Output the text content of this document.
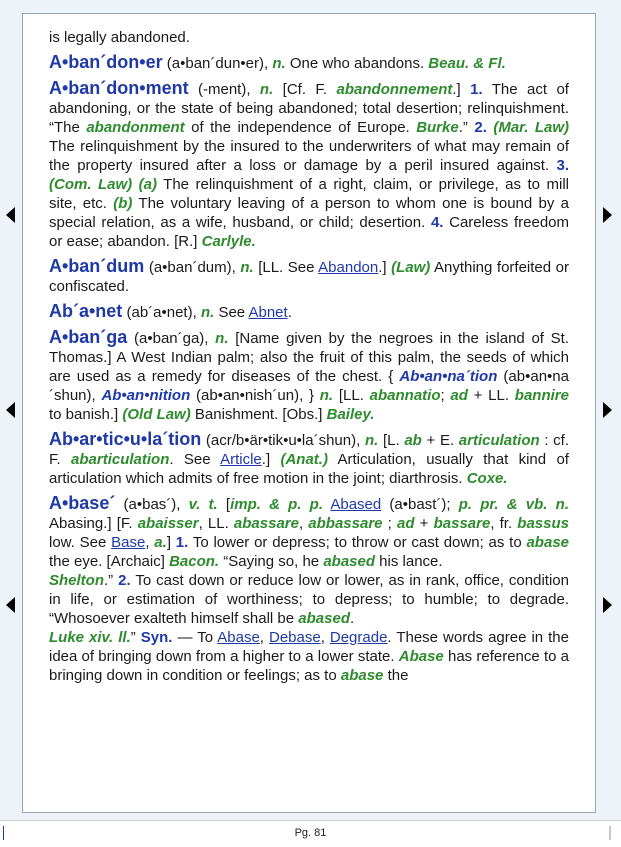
is legally abandoned.
A•ban´don•er (a•ban´dun•er), n. One who abandons. Beau. & Fl.
A•ban´don•ment (-ment), n. [Cf. F. abandonnement.] 1. The act of abandoning, or the state of being abandoned; total desertion; relinquishment. “The abandonment of the independence of Europe. Burke.” 2. (Mar. Law) The relinquishment by the insured to the underwriters of what may remain of the property insured after a loss or damage by a peril insured against. 3. (Com. Law) (a) The relinquishment of a right, claim, or privilege, as to mill site, etc. (b) The voluntary leaving of a person to whom one is bound by a special relation, as a wife, husband, or child; desertion. 4. Careless freedom or ease; abandon. [R.] Carlyle.
A•ban´dum (a•ban´dum), n. [LL. See Abandon.] (Law) Anything forfeited or confiscated.
Ab´a•net (ab´a•net), n. See Abnet.
A•ban´ga (a•ban´ga), n. [Name given by the negroes in the island of St. Thomas.] A West Indian palm; also the fruit of this palm, the seeds of which are used as a remedy for diseases of the chest. { Ab•an•na´tion (ab•an•na´shun), Ab•an•nition (ab•an•nish´un), } n. [LL. abannatio; ad + LL. bannire to banish.] (Old Law) Banishment. [Obs.] Bailey.
Ab•ar•tic•u•la´tion (acr/b•är•tik•u•la´shun), n. [L. ab + E. articulation : cf. F. abarticulation. See Article.] (Anat.) Articulation, usually that kind of articulation which admits of free motion in the joint; diarthrosis. Coxe.
A•base´ (a•bas´), v. t. [imp. & p. p. Abased (a•bast´); p. pr. & vb. n. Abasing.] [F. abaisser, LL. abassare, abbassare ; ad + bassare, fr. bassus low. See Base, a.] 1. To lower or depress; to throw or cast down; as to abase the eye. [Archaic] Bacon. “Saying so, he abased his lance.
Shelton.” 2. To cast down or reduce low or lower, as in rank, office, condition in life, or estimation of worthiness; to depress; to humble; to degrade. “Whosoever exalteth himself shall be abased.
Luke xiv. ll.” Syn. — To Abase, Debase, Degrade. These words agree in the idea of bringing down from a higher to a lower state. Abase has reference to a bringing down in condition or feelings; as to abase the
Pg. 81
